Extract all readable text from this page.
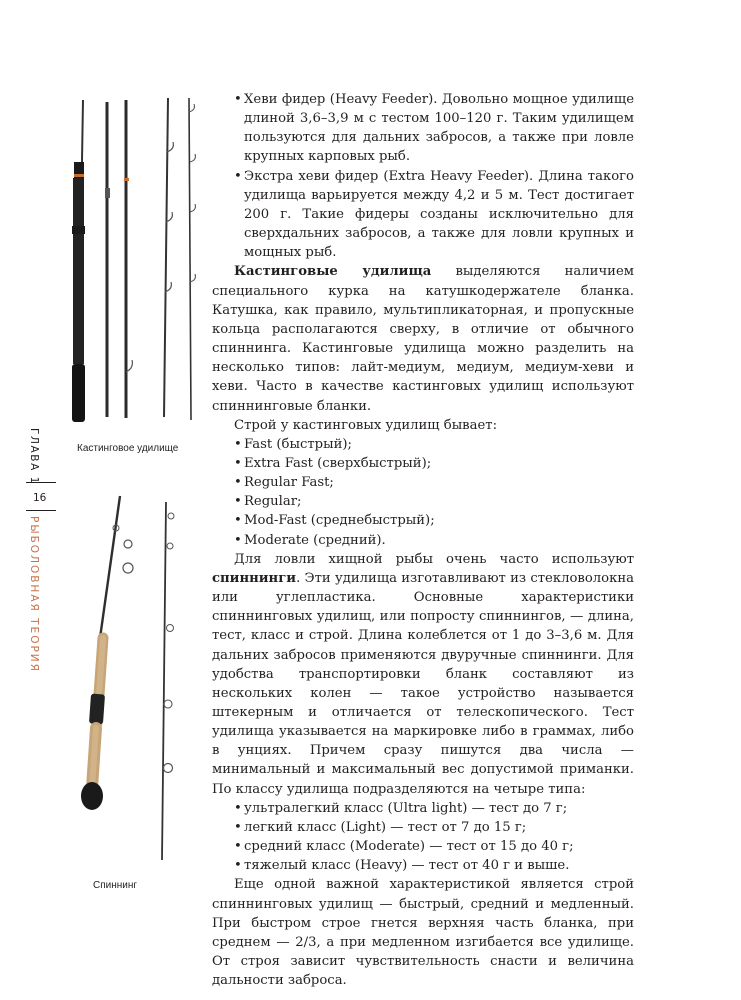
Кастинговое удилище
Спиннинг
ГЛАВА 1
16
РЫБОЛОВНАЯ ТЕОРИЯ
• Хеви фидер (Heavy Feeder). Довольно мощное удилище длиной 3,6–3,9 м с тестом 100–120 г. Таким удилищем пользуются для дальних забросов, а также при ловле крупных карповых рыб.
• Экстра хеви фидер (Extra Heavy Feeder). Длина такого удилища варьируется между 4,2 и 5 м. Тест достигает 200 г. Такие фидеры созданы исключительно для сверхдальних забросов, а также для ловли крупных и мощных рыб.

Кастинговые удилища выделяются наличием специального курка на катушкодержателе бланка. Катушка, как правило, мультипликаторная, и пропускные кольца располагаются сверху, в отличие от обычного спиннинга. Кастинговые удилища можно разделить на несколько типов: лайт-медиум, медиум, медиум-хеви и хеви. Часто в качестве кастинговых удилищ используют спиннинговые бланки.

Строй у кастинговых удилищ бывает:

• Fast (быстрый);
• Extra Fast (сверхбыстрый);
• Regular Fast;
• Regular;
• Mod-Fast (среднебыстрый);
• Moderate (средний).

Для ловли хищной рыбы очень часто используют спиннинги. Эти удилища изготавливают из стекловолокна или углепластика. Основные характеристики спиннинговых удилищ, или попросту спиннингов, — длина, тест, класс и строй. Длина колеблется от 1 до 3–3,6 м. Для дальних забросов применяются двуручные спиннинги. Для удобства транспортировки бланк составляют из нескольких колен — такое устройство называется штекерным и отличается от телескопического. Тест удилища указывается на маркировке либо в граммах, либо в унциях. Причем сразу пишутся два числа — минимальный и максимальный вес допустимой приманки. По классу удилища подразделяются на четыре типа:

• ультралегкий класс (Ultra light) — тест до 7 г;
• легкий класс (Light) — тест от 7 до 15 г;
• средний класс (Moderate) — тест от 15 до 40 г;
• тяжелый класс (Heavy) — тест от 40 г и выше.

Еще одной важной характеристикой является строй спиннинговых удилищ — быстрый, средний и медленный. При быстром строе гнется верхняя часть бланка, при среднем — 2/3, а при медленном изгибается все удилище. От строя зависит чувствительность снасти и величина дальности заброса.
